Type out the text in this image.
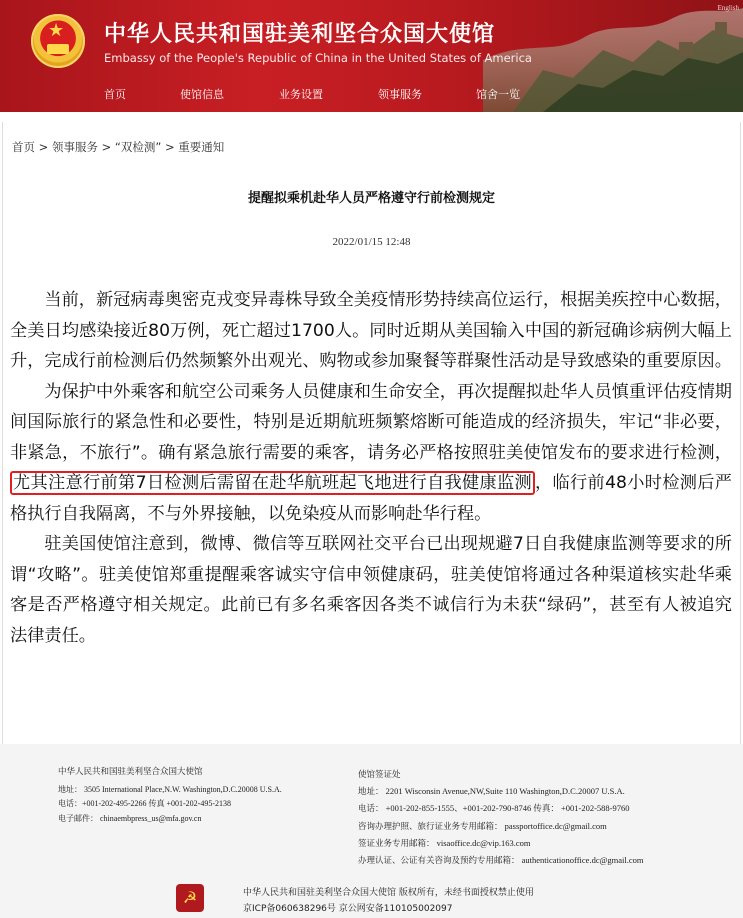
English
★ 中华人民共和国驻美利坚合众国大使馆
Embassy of the People's Republic of China in the United States of America
首页	使馆信息	业务设置	领事服务	馆舍一览
首页 > 领事服务 > “双检测” > 重要通知
提醒拟乘机赴华人员严格遵守行前检测规定
2022/01/15 12:48

当前，新冠病毒奥密克戎变异毒株导致全美疫情形势持续高位运行，根据美疾控中心数据，全美日均感染接近80万例，死亡超过1700人。同时近期从美国输入中国的新冠确诊病例大幅上升，完成行前检测后仍然频繁外出观光、购物或参加聚餐等群聚性活动是导致感染的重要原因。

为保护中外乘客和航空公司乘务人员健康和生命安全，再次提醒拟赴华人员慎重评估疫情期间国际旅行的紧急性和必要性，特别是近期航班频繁熔断可能造成的经济损失，牢记“非必要，非紧急，不旅行”。确有紧急旅行需要的乘客，请务必严格按照驻美使馆发布的要求进行检测，尤其注意行前第7日检测后需留在赴华航班起飞地进行自我健康监测 ，临行前48小时检测后严格执行自我隔离，不与外界接触，以免染疫从而影响赴华行程。

驻美国使馆注意到，微博、微信等互联网社交平台已出现规避7日自我健康监测等要求的所谓“攻略”。驻美使馆郑重提醒乘客诚实守信申领健康码，驻美使馆将通过各种渠道核实赴华乘客是否严格遵守相关规定。此前已有多名乘客因各类不诚信行为未获“绿码”，甚至有人被追究法律责任。

中华人民共和国驻美利坚合众国大使馆
地址： 3505 International Place,N.W. Washington,D.C.20008 U.S.A.
电话：+001-202-495-2266 传真 +001-202-495-2138
电子邮件： chinaembpress_us@mfa.gov.cn
使馆签证处
地址： 2201 Wisconsin Avenue,NW,Suite 110 Washington,D.C.20007 U.S.A.
电话： +001-202-855-1555、+001-202-790-8746 传真： +001-202-588-9760
咨询办理护照、旅行证业务专用邮箱： passportoffice.dc@gmail.com
签证业务专用邮箱： visaoffice.dc@vip.163.com
办理认证、公证有关咨询及预约专用邮箱： authenticationoffice.dc@gmail.com
☭	中华人民共和国驻美利坚合众国大使馆 版权所有，未经书面授权禁止使用
京ICP备060638296号 京公网安备110105002097
